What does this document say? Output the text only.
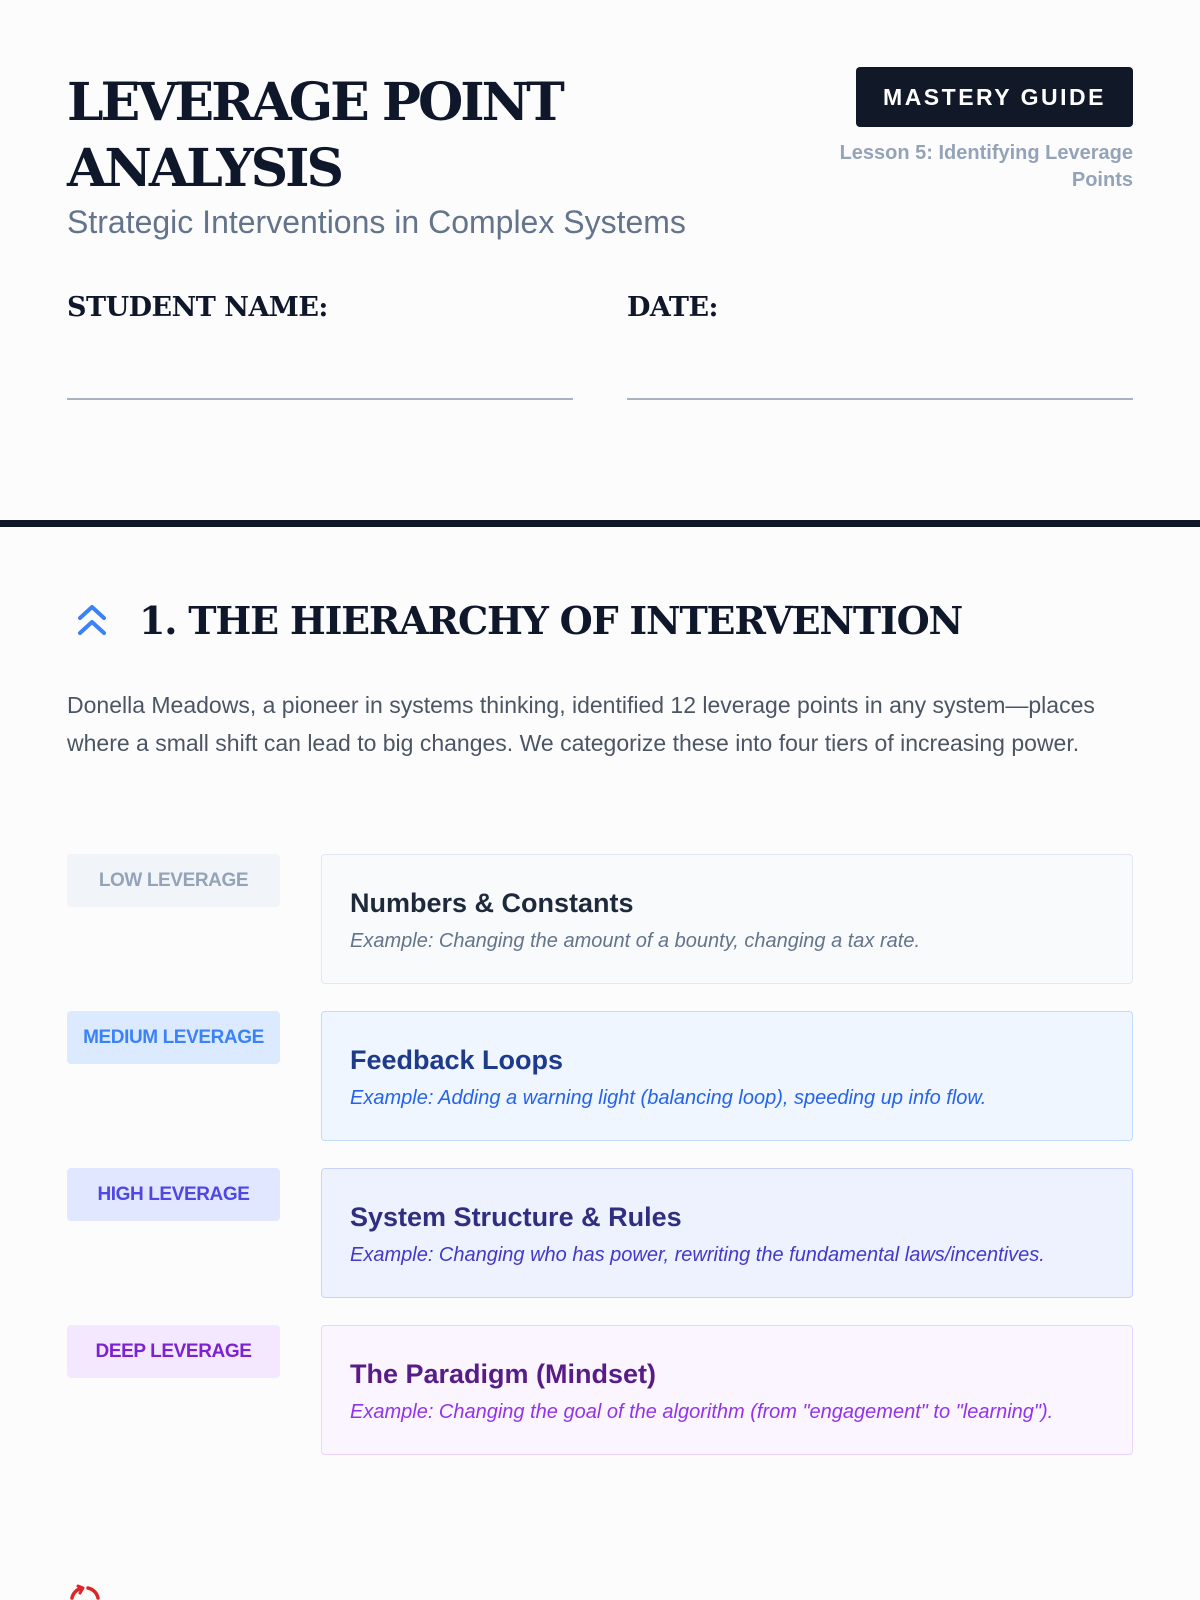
LEVERAGE POINT ANALYSIS
Strategic Interventions in Complex Systems
MASTERY GUIDE
Lesson 5: Identifying Leverage Points
STUDENT NAME:	DATE:
1. THE HIERARCHY OF INTERVENTION

Donella Meadows, a pioneer in systems thinking, identified 12 leverage points in any system—places where a small shift can lead to big changes. We categorize these into four tiers of increasing power.

LOW LEVERAGE
Numbers & Constants
Example: Changing the amount of a bounty, changing a tax rate.
MEDIUM LEVERAGE
Feedback Loops
Example: Adding a warning light (balancing loop), speeding up info flow.
HIGH LEVERAGE
System Structure & Rules
Example: Changing who has power, rewriting the fundamental laws/incentives.
DEEP LEVERAGE
The Paradigm (Mindset)
Example: Changing the goal of the algorithm (from "engagement" to "learning").
